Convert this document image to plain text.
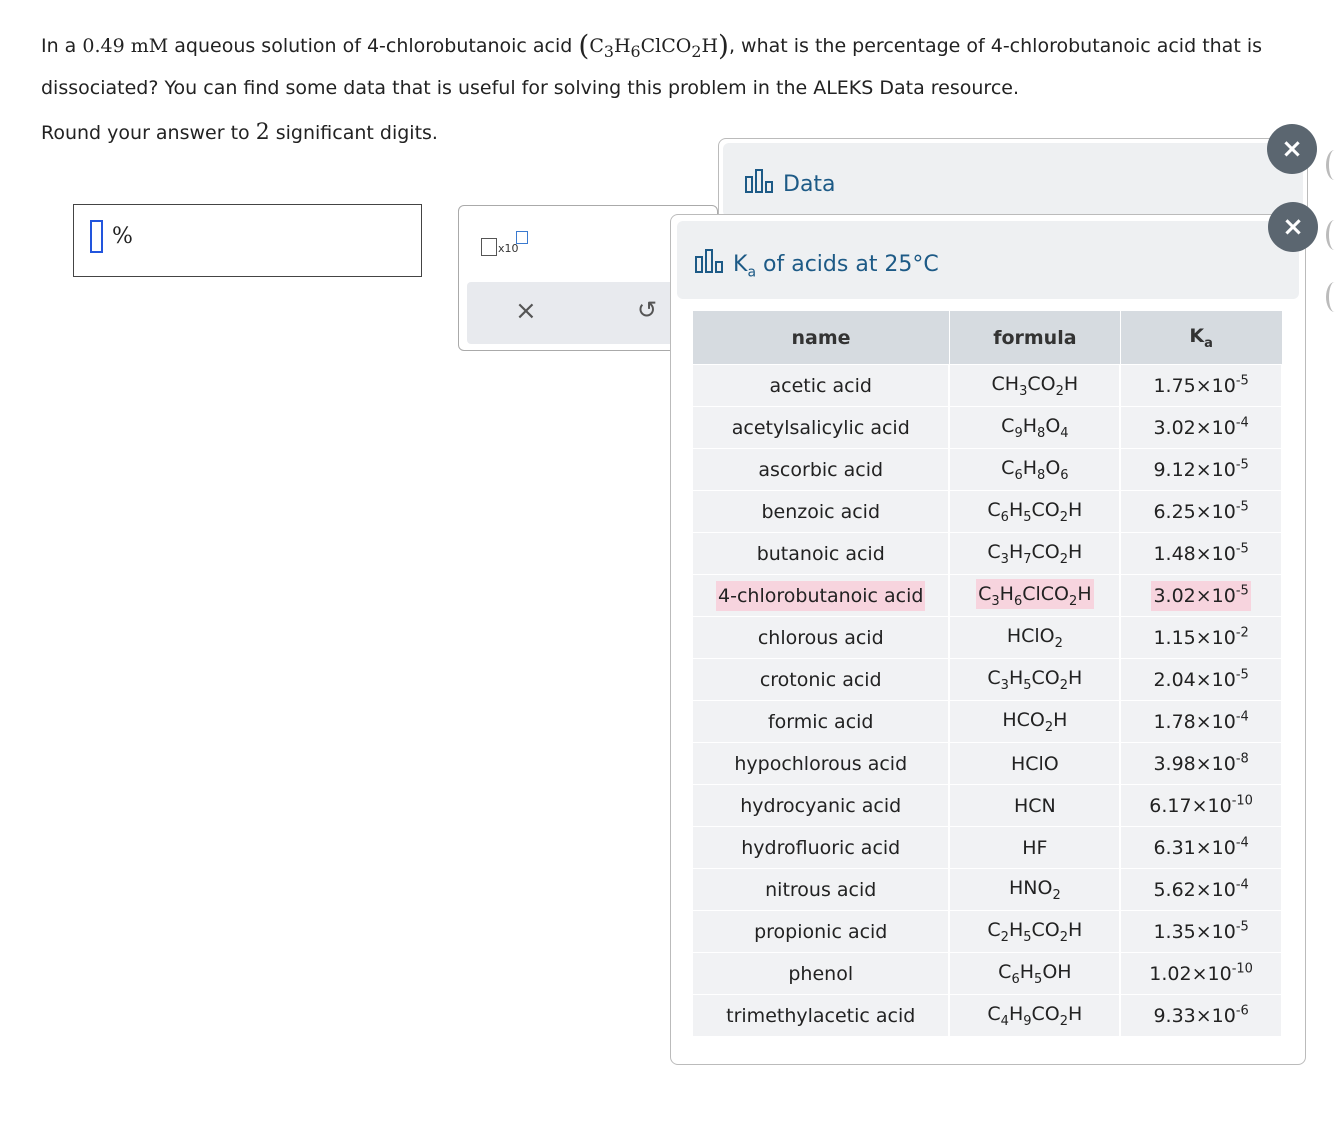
In a 0.49 mM aqueous solution of 4-chlorobutanoic acid $(C_3H_6ClCO_2H)$, what is the percentage of 4-chlorobutanoic acid that is dissociated? You can find some data that is useful for solving this problem in the ALEKS Data resource.
Round your answer to 2 significant digits.
%	x10
×	↺
Data
×
$K_a$ of acids at 25°C
name	formula	$K_a$
acetic acid	$CH_3CO_2H$	$1.75\times 10^{-5}$
acetylsalicylic acid	$C_9H_8O_4$	$3.02\times 10^{-4}$
ascorbic acid	$C_6H_8O_6$	$9.12\times 10^{-5}$
benzoic acid	$C_6H_5CO_2H$	$6.25\times 10^{-5}$
butanoic acid	$C_3H_7CO_2H$	$1.48\times 10^{-5}$
4-chlorobutanoic acid	$C_3H_6ClCO_2H$	$3.02\times 10^{-5}$
chlorous acid	HClO$_2$	$1.15\times 10^{-2}$
crotonic acid	$C_3H_5CO_2H$	$2.04\times 10^{-5}$
formic acid	$HCO_2H$	$1.78\times 10^{-4}$
hypochlorous acid	HClO	$3.98\times 10^{-8}$
hydrocyanic acid	HCN	$6.17\times 10^{-10}$
hydrofluoric acid	HF	$6.31\times 10^{-4}$
nitrous acid	$HNO_2$	$5.62\times 10^{-4}$
propionic acid	$C_2H_5CO_2H$	$1.35\times 10^{-5}$
phenol	$C_6H_5OH$	$1.02\times 10^{-10}$
trimethylacetic acid	$C_4H_9CO_2H$	$9.33\times 10^{-6}$
×
